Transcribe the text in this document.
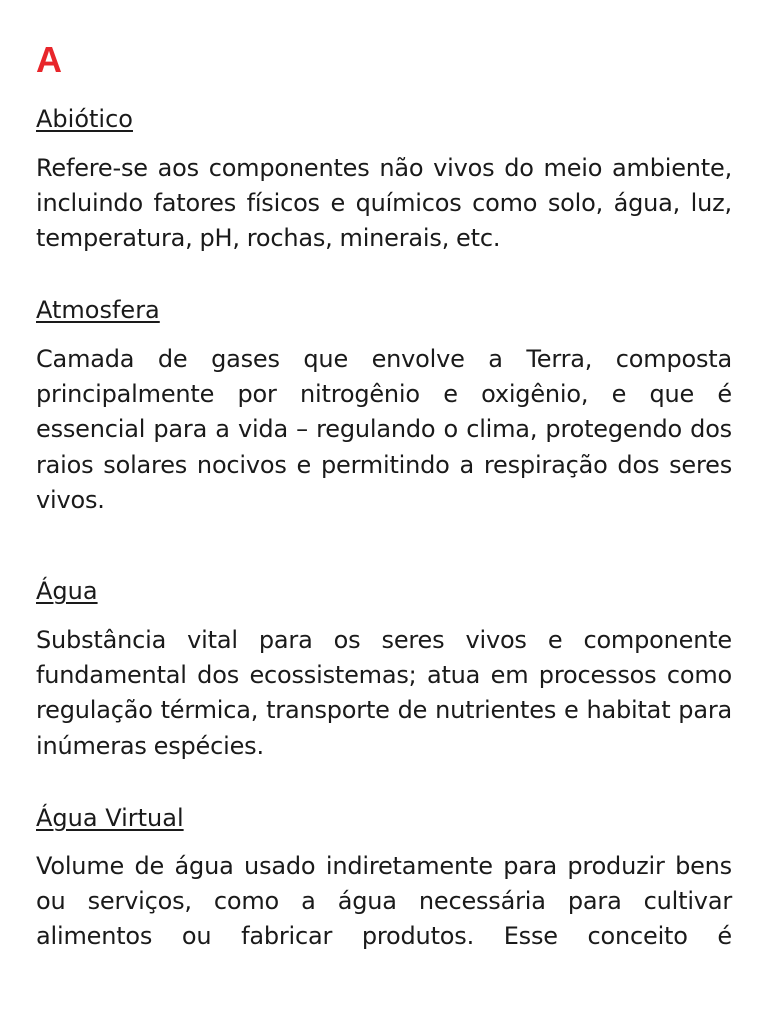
A
Abiótico

Refere-se aos componentes não vivos do meio ambiente, incluindo fatores físicos e químicos como solo, água, luz, temperatura, pH, rochas, minerais, etc.

Atmosfera

Camada de gases que envolve a Terra, composta principalmente por nitrogênio e oxigênio, e que é essencial para a vida – regulando o clima, protegendo dos raios solares nocivos e permitindo a respiração dos seres vivos.

Água

Substância vital para os seres vivos e componente fundamental dos ecossistemas; atua em processos como regulação térmica, transporte de nutrientes e habitat para inúmeras espécies.

Água Virtual

Volume de água usado indiretamente para produzir bens ou serviços, como a água necessária para cultivar alimentos ou fabricar produtos. Esse conceito é
